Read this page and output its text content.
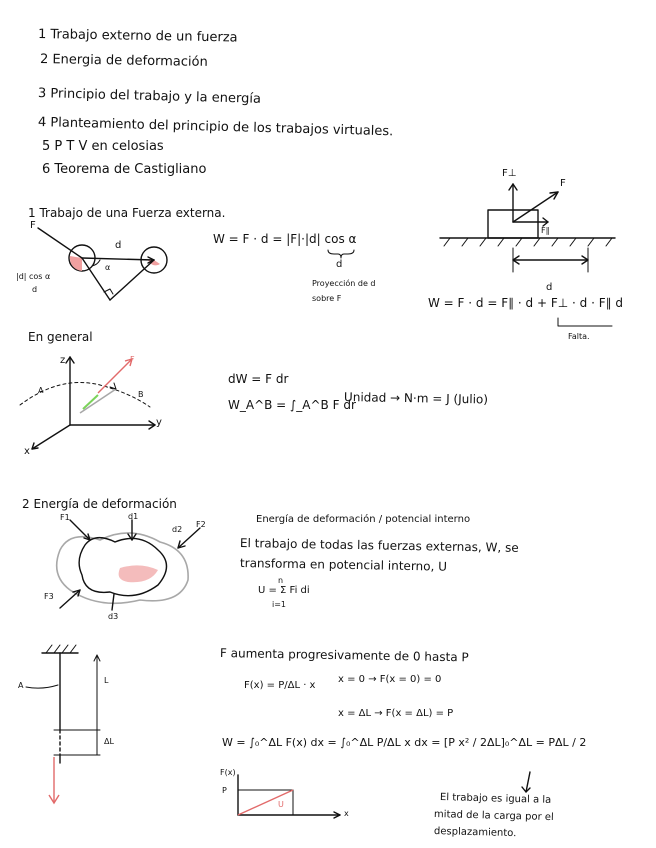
1 Trabajo externo de un fuerza
2 Energia de deformación
3 Principio del trabajo y la energía
4 Planteamiento del principio de los trabajos virtuales.
5 P T V en celosias
6 Teorema de Castigliano
1 Trabajo de una Fuerza externa.
F
d
α
|d| cos α
d
W = F · d = |F|·|d| cos α
d
Proyección de d
sobre F
F⊥
F
F∥
d
W = F · d = F∥ · d + F⊥ · d · F∥ d
Falta.
En general
z
y
x
A	B
F
dW = F dr
W_A^B = ∫_A^B F dr
Unidad → N·m = J (Julio)
2 Energía de deformación
F1	d1
d2
F2
F3
d3
Energía de deformación / potencial interno
El trabajo de todas las fuerzas externas, W, se
transforma en potencial interno, U
n
U = Σ Fi di
i=1
A
L
ΔL
F aumenta progresivamente de 0 hasta P
F(x) = P/ΔL · x
x = 0 → F(x = 0) = 0
x = ΔL → F(x = ΔL) = P
W = ∫₀^ΔL F(x) dx = ∫₀^ΔL P/ΔL x dx = [P x² / 2ΔL]₀^ΔL = PΔL / 2
F(x)
P
U
x
El trabajo es igual a la
mitad de la carga por el
desplazamiento.
